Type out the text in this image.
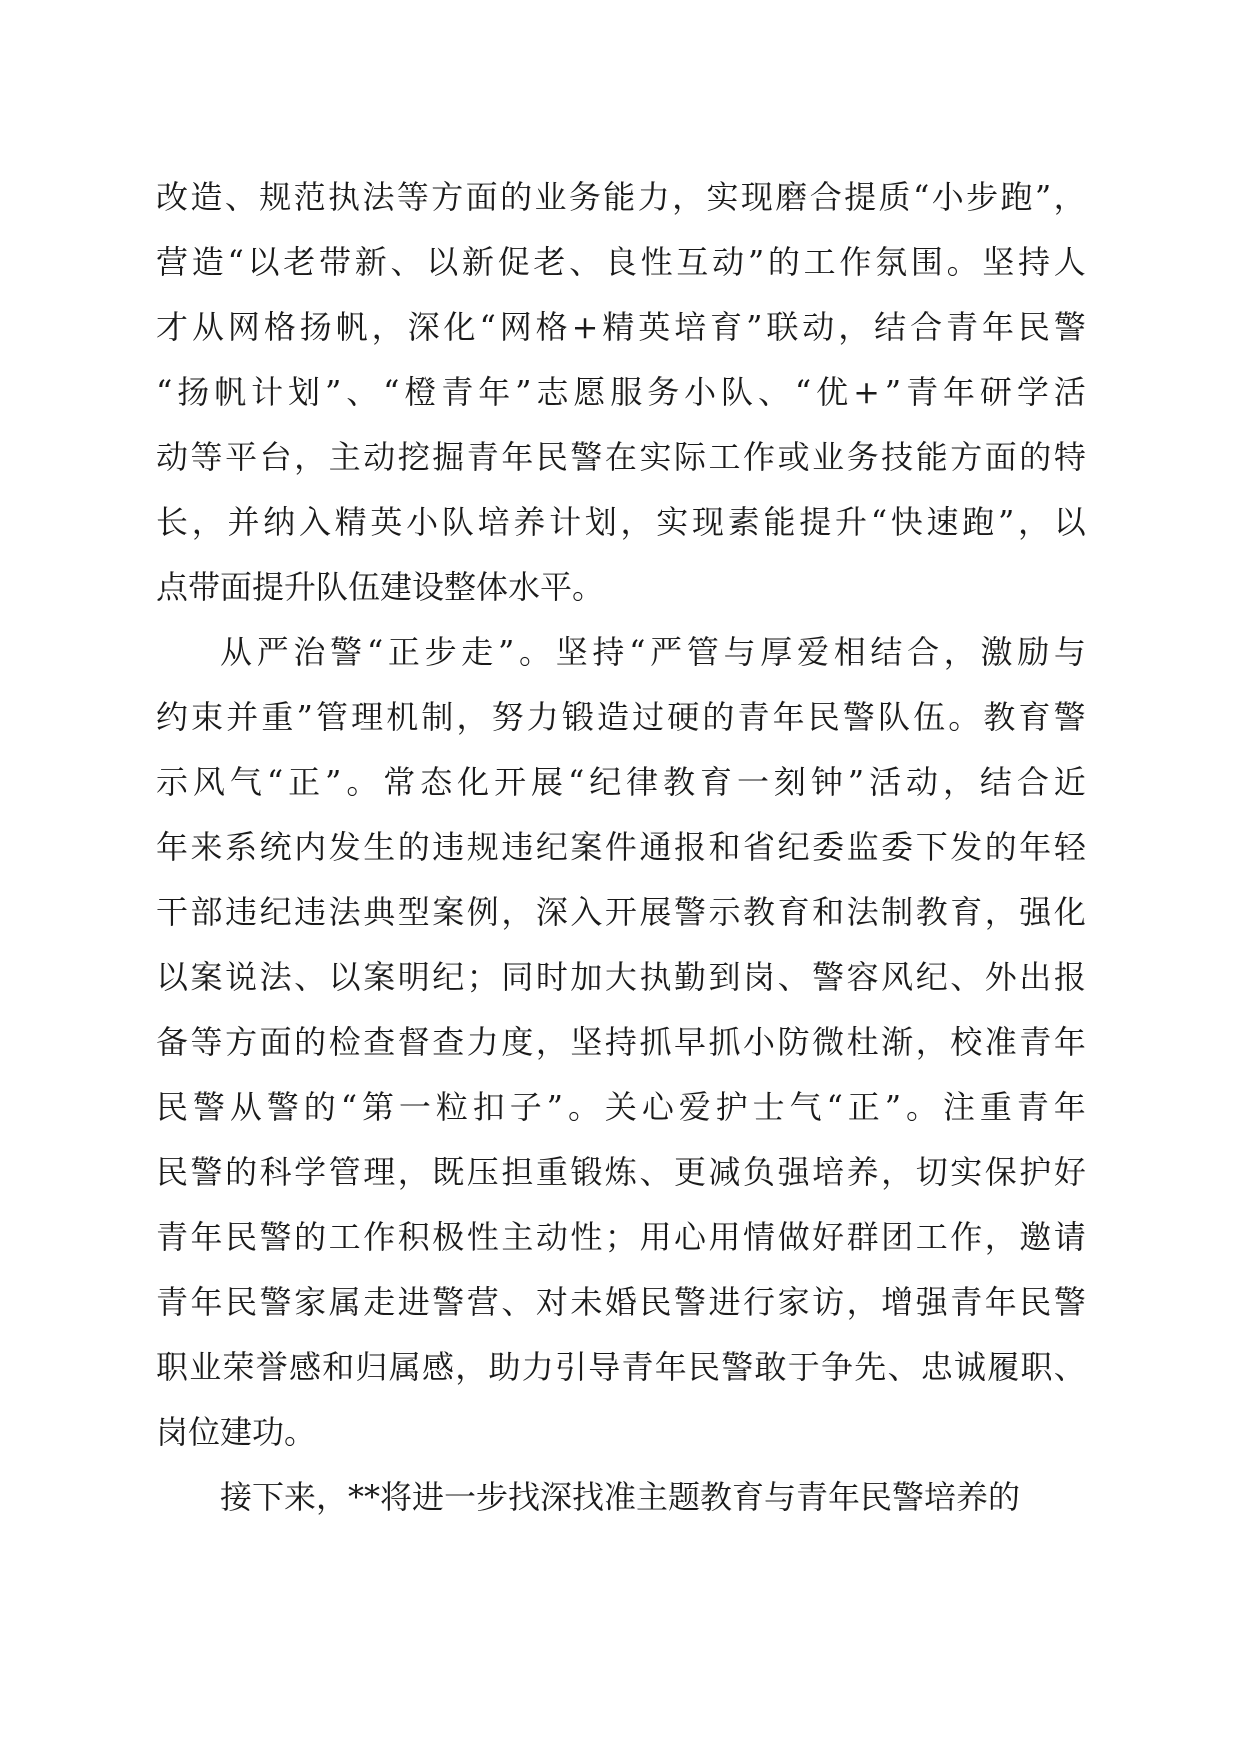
改 造 、 规 范 执 法 等 方 面 的 业 务 能 力 ， 实 现 磨 合 提 质 “ 小 步 跑 ” ，
营 造 “ 以 老 带 新 、 以 新 促 老 、 良 性 互 动 ” 的 工 作 氛 围 。 坚 持 人
才 从 网 格 扬 帆 ， 深 化 “ 网 格 + 精 英 培 育 ” 联 动 ， 结 合 青 年 民 警
“ 扬 帆 计 划 ” 、 “ 橙 青 年 ” 志 愿 服 务 小 队 、 “ 优 + ” 青 年 研 学 活
动 等 平 台 ， 主 动 挖 掘 青 年 民 警 在 实 际 工 作 或 业 务 技 能 方 面 的 特
长 ， 并 纳 入 精 英 小 队 培 养 计 划 ， 实 现 素 能 提 升 “ 快 速 跑 ” ， 以
点带面提升队伍建设整体水平。
从 严 治 警 “ 正 步 走 ” 。 坚 持 “ 严 管 与 厚 爱 相 结 合 ， 激 励 与
约 束 并 重 ” 管 理 机 制 ， 努 力 锻 造 过 硬 的 青 年 民 警 队 伍 。 教 育 警
示 风 气 “ 正 ” 。 常 态 化 开 展 “ 纪 律 教 育 一 刻 钟 ” 活 动 ， 结 合 近
年 来 系 统 内 发 生 的 违 规 违 纪 案 件 通 报 和 省 纪 委 监 委 下 发 的 年 轻
干 部 违 纪 违 法 典 型 案 例 ， 深 入 开 展 警 示 教 育 和 法 制 教 育 ， 强 化
以 案 说 法 、 以 案 明 纪 ； 同 时 加 大 执 勤 到 岗 、 警 容 风 纪 、 外 出 报
备 等 方 面 的 检 查 督 查 力 度 ， 坚 持 抓 早 抓 小 防 微 杜 渐 ， 校 准 青 年
民 警 从 警 的 “ 第 一 粒 扣 子 ” 。 关 心 爱 护 士 气 “ 正 ” 。 注 重 青 年
民 警 的 科 学 管 理 ， 既 压 担 重 锻 炼 、 更 减 负 强 培 养 ， 切 实 保 护 好
青 年 民 警 的 工 作 积 极 性 主 动 性 ； 用 心 用 情 做 好 群 团 工 作 ， 邀 请
青 年 民 警 家 属 走 进 警 营 、 对 未 婚 民 警 进 行 家 访 ， 增 强 青 年 民 警
职 业 荣 誉 感 和 归 属 感 ， 助 力 引 导 青 年 民 警 敢 于 争 先 、 忠 诚 履 职 、
岗位建功。
接下来，**将进一步找深找准主题教育与青年民警培养的
